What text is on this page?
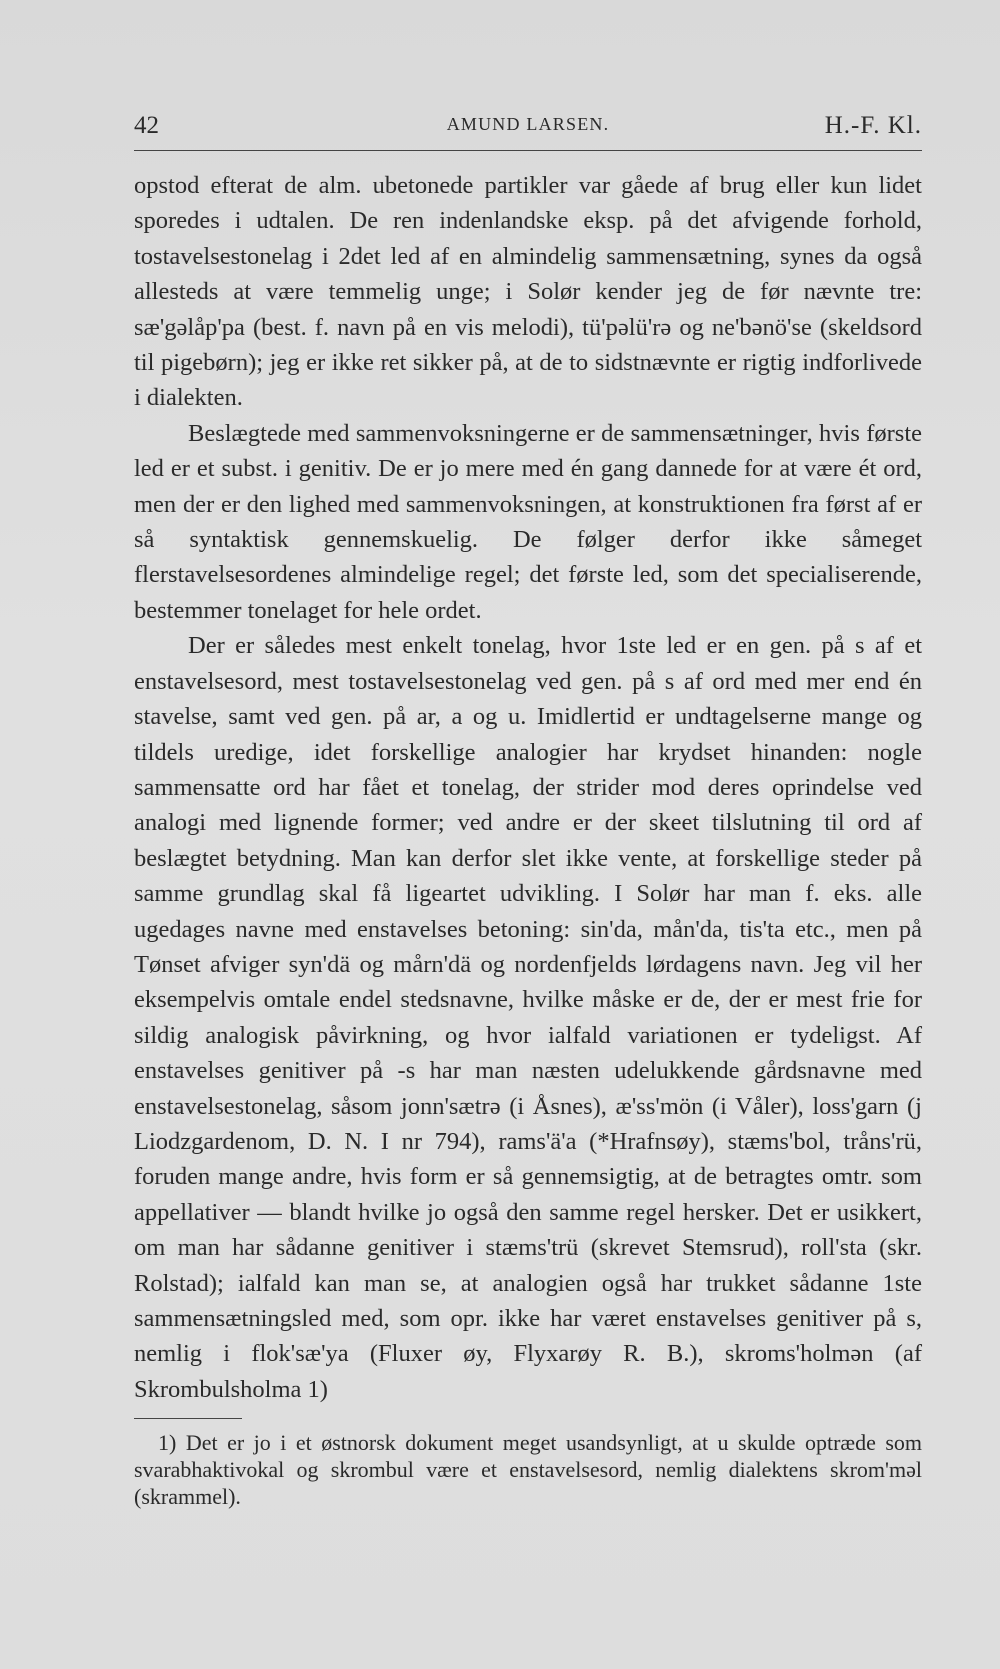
42	AMUND LARSEN.	H.-F. Kl.

opstod efterat de alm. ubetonede partikler var gåede af brug eller kun lidet sporedes i udtalen. De ren indenlandske eksp. på det afvigende forhold, tostavelsestonelag i 2det led af en almindelig sammensætning, synes da også allesteds at være temmelig unge; i Solør kender jeg de før nævnte tre: sæ'gəlåp'pa (best. f. navn på en vis melodi), tü'pəlü'rə og ne'bənö'se (skeldsord til pigebørn); jeg er ikke ret sikker på, at de to sidstnævnte er rigtig indforlivede i dialekten.

Beslægtede med sammenvoksningerne er de sammensætninger, hvis første led er et subst. i genitiv. De er jo mere med én gang dannede for at være ét ord, men der er den lighed med sammenvoksningen, at konstruktionen fra først af er så syntaktisk gennemskuelig. De følger derfor ikke såmeget flerstavelsesordenes almindelige regel; det første led, som det specialiserende, bestemmer tonelaget for hele ordet.

Der er således mest enkelt tonelag, hvor 1ste led er en gen. på s af et enstavelsesord, mest tostavelsestonelag ved gen. på s af ord med mer end én stavelse, samt ved gen. på ar, a og u. Imidlertid er undtagelserne mange og tildels uredige, idet forskellige analogier har krydset hinanden: nogle sammensatte ord har fået et tonelag, der strider mod deres oprindelse ved analogi med lignende former; ved andre er der skeet tilslutning til ord af beslægtet betydning. Man kan derfor slet ikke vente, at forskellige steder på samme grundlag skal få ligeartet udvikling. I Solør har man f. eks. alle ugedages navne med enstavelses betoning: sin'da, mån'da, tis'ta etc., men på Tønset afviger syn'dä og mårn'dä og nordenfjelds lørdagens navn. Jeg vil her eksempelvis omtale endel stedsnavne, hvilke måske er de, der er mest frie for sildig analogisk påvirkning, og hvor ialfald variationen er tydeligst. Af enstavelses genitiver på -s har man næsten udelukkende gårdsnavne med enstavelsestonelag, såsom jonn'sætrə (i Åsnes), æ'ss'mön (i Våler), loss'garn (j Liodzgardenom, D. N. I nr 794), rams'ä'a (*Hrafnsøy), stæms'bol, tråns'rü, foruden mange andre, hvis form er så gennemsigtig, at de betragtes omtr. som appellativer — blandt hvilke jo også den samme regel hersker. Det er usikkert, om man har sådanne genitiver i stæms'trü (skrevet Stemsrud), roll'sta (skr. Rolstad); ialfald kan man se, at analogien også har trukket sådanne 1ste sammensætningsled med, som opr. ikke har været enstavelses genitiver på s, nemlig i flok'sæ'ya (Fluxer øy, Flyxarøy R. B.), skroms'holmən (af Skrombulsholma 1)

1) Det er jo i et østnorsk dokument meget usandsynligt, at u skulde optræde som svarabhaktivokal og skrombul være et enstavelsesord, nemlig dialektens skrom'məl (skrammel).
